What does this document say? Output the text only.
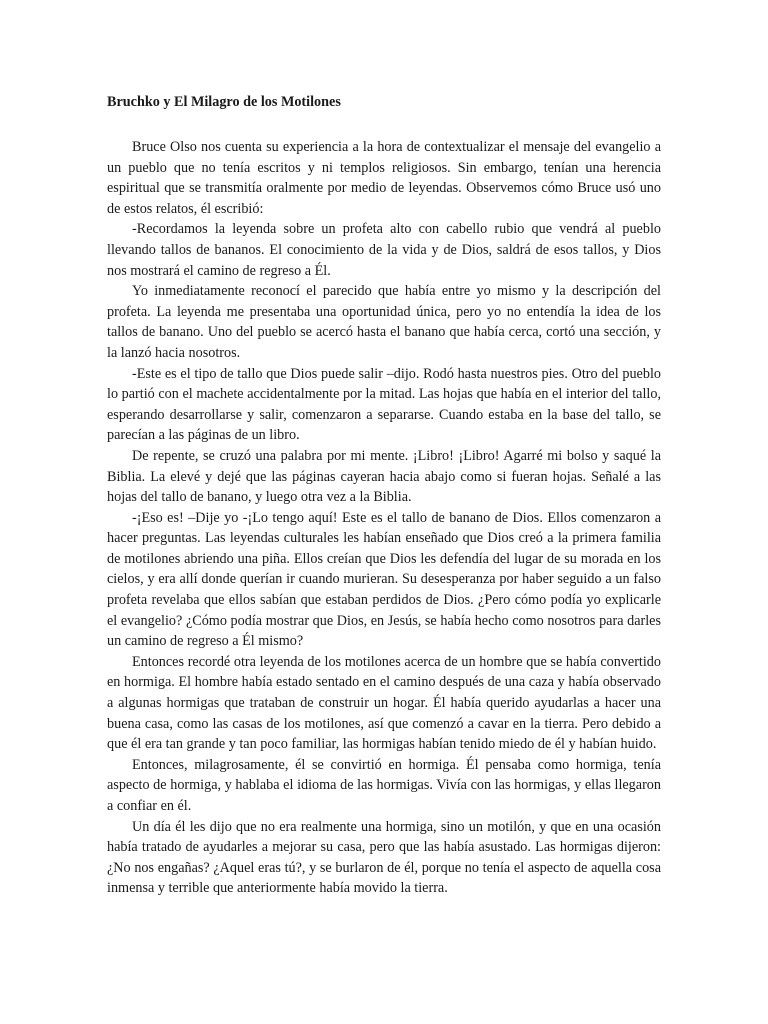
Bruchko y El Milagro de los Motilones

Bruce Olso nos cuenta su experiencia a la hora de contextualizar el mensaje del evangelio a un pueblo que no tenía escritos y ni templos religiosos. Sin embargo, tenían una herencia espiritual que se transmitía oralmente por medio de leyendas. Observemos cómo Bruce usó uno de estos relatos, él escribió:

-Recordamos la leyenda sobre un profeta alto con cabello rubio que vendrá al pueblo llevando tallos de bananos. El conocimiento de la vida y de Dios, saldrá de esos tallos, y Dios nos mostrará el camino de regreso a Él.

Yo inmediatamente reconocí el parecido que había entre yo mismo y la descripción del profeta. La leyenda me presentaba una oportunidad única, pero yo no entendía la idea de los tallos de banano. Uno del pueblo se acercó hasta el banano que había cerca, cortó una sección, y la lanzó hacia nosotros.

-Este es el tipo de tallo que Dios puede salir –dijo. Rodó hasta nuestros pies. Otro del pueblo lo partió con el machete accidentalmente por la mitad. Las hojas que había en el interior del tallo, esperando desarrollarse y salir, comenzaron a separarse. Cuando estaba en la base del tallo, se parecían a las páginas de un libro.

De repente, se cruzó una palabra por mi mente. ¡Libro! ¡Libro! Agarré mi bolso y saqué la Biblia. La elevé y dejé que las páginas cayeran hacia abajo como si fueran hojas. Señalé a las hojas del tallo de banano, y luego otra vez a la Biblia.

-¡Eso es! –Dije yo -¡Lo tengo aquí! Este es el tallo de banano de Dios. Ellos comenzaron a hacer preguntas. Las leyendas culturales les habían enseñado que Dios creó a la primera familia de motilones abriendo una piña. Ellos creían que Dios les defendía del lugar de su morada en los cielos, y era allí donde querían ir cuando murieran. Su desesperanza por haber seguido a un falso profeta revelaba que ellos sabían que estaban perdidos de Dios. ¿Pero cómo podía yo explicarle el evangelio? ¿Cómo podía mostrar que Dios, en Jesús, se había hecho como nosotros para darles un camino de regreso a Él mismo?

Entonces recordé otra leyenda de los motilones acerca de un hombre que se había convertido en hormiga. El hombre había estado sentado en el camino después de una caza y había observado a algunas hormigas que trataban de construir un hogar. Él había querido ayudarlas a hacer una buena casa, como las casas de los motilones, así que comenzó a cavar en la tierra. Pero debido a que él era tan grande y tan poco familiar, las hormigas habían tenido miedo de él y habían huido.

Entonces, milagrosamente, él se convirtió en hormiga. Él pensaba como hormiga, tenía aspecto de hormiga, y hablaba el idioma de las hormigas. Vivía con las hormigas, y ellas llegaron a confiar en él.

Un día él les dijo que no era realmente una hormiga, sino un motilón, y que en una ocasión había tratado de ayudarles a mejorar su casa, pero que las había asustado. Las hormigas dijeron: ¿No nos engañas? ¿Aquel eras tú?, y se burlaron de él, porque no tenía el aspecto de aquella cosa inmensa y terrible que anteriormente había movido la tierra.
